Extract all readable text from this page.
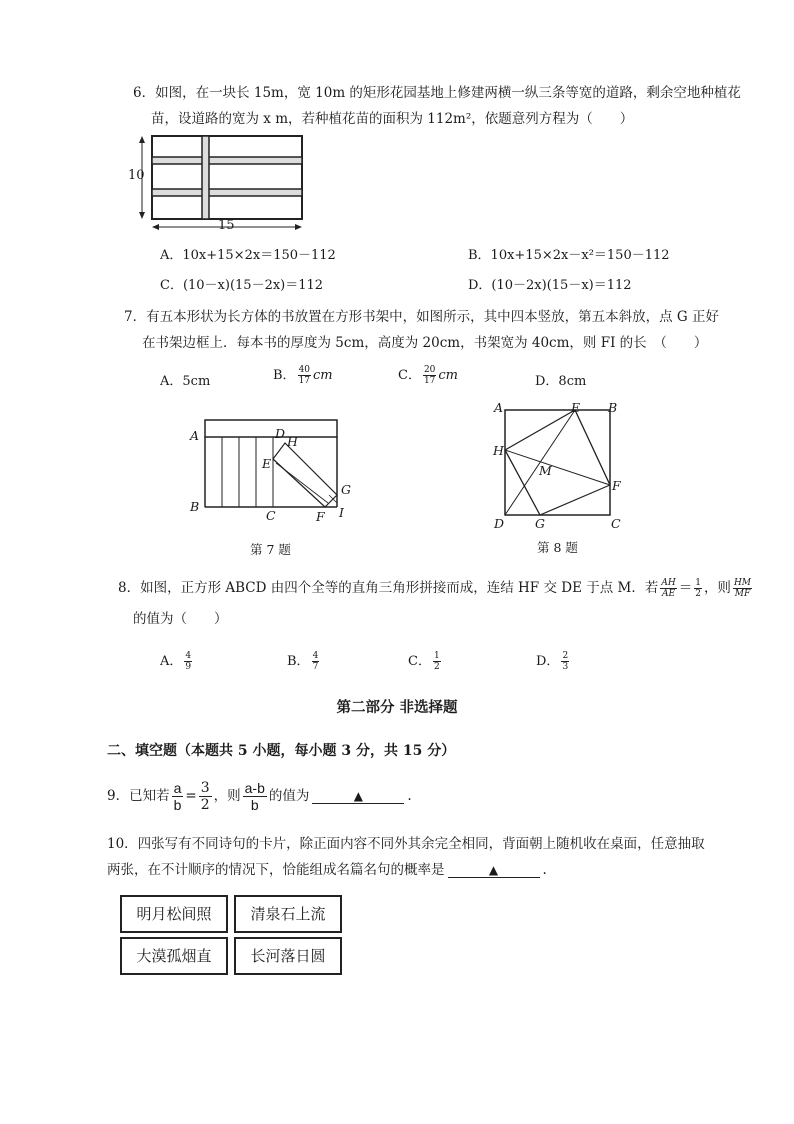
6．如图，在一块长 15m，宽 10m 的矩形花园基地上修建两横一纵三条等宽的道路，剩余空地种植花
苗，设道路的宽为 x m，若种植花苗的面积为 112m²，依题意列方程为（　　）
10
15
A．10x+15×2x＝150－112	B．10x+15×2x－x²＝150－112
C．(10－x)(15－2x)＝112	D．(10－2x)(15－x)＝112
7．有五本形状为长方体的书放置在方形书架中，如图所示，其中四本竖放，第五本斜放，点 G 正好
在书架边框上．每本书的厚度为 5cm，高度为 20cm，书架宽为 40cm，则 FI 的长　（　　）
A．5cm	B． $\frac{40}{17}$ cm	C． $\frac{20}{17}$ cm	D．8cm
A
B
C
D
E
F
G
H
I
第 7 题
A	B
C
D
E
F
G
H
M
第 8 题
8．如图，正方形 ABCD 由四个全等的直角三角形拼接而成，连结 HF 交 DE 于点 M．若 $\frac{AH}{AE} = \frac{1}{2}$ ，则 $\frac{HM}{MF}$
的值为（　　）
A． $\frac{4}{9}$	B． $\frac{4}{7}$	C． $\frac{1}{2}$	D． $\frac{2}{3}$
第二部分 非选择题
二、填空题（本题共 5 小题，每小题 3 分，共 15 分）
9．已知若 $\frac{a}{b} = \frac{3}{2}$ ，则 $\frac{a-b}{b}$ 的值为	▲	.
10．四张写有不同诗句的卡片，除正面内容不同外其余完全相同，背面朝上随机收在桌面，任意抽取
两张，在不计顺序的情况下，恰能组成名篇名句的概率是	▲	.
明月松间照	清泉石上流
大漠孤烟直	长河落日圆
